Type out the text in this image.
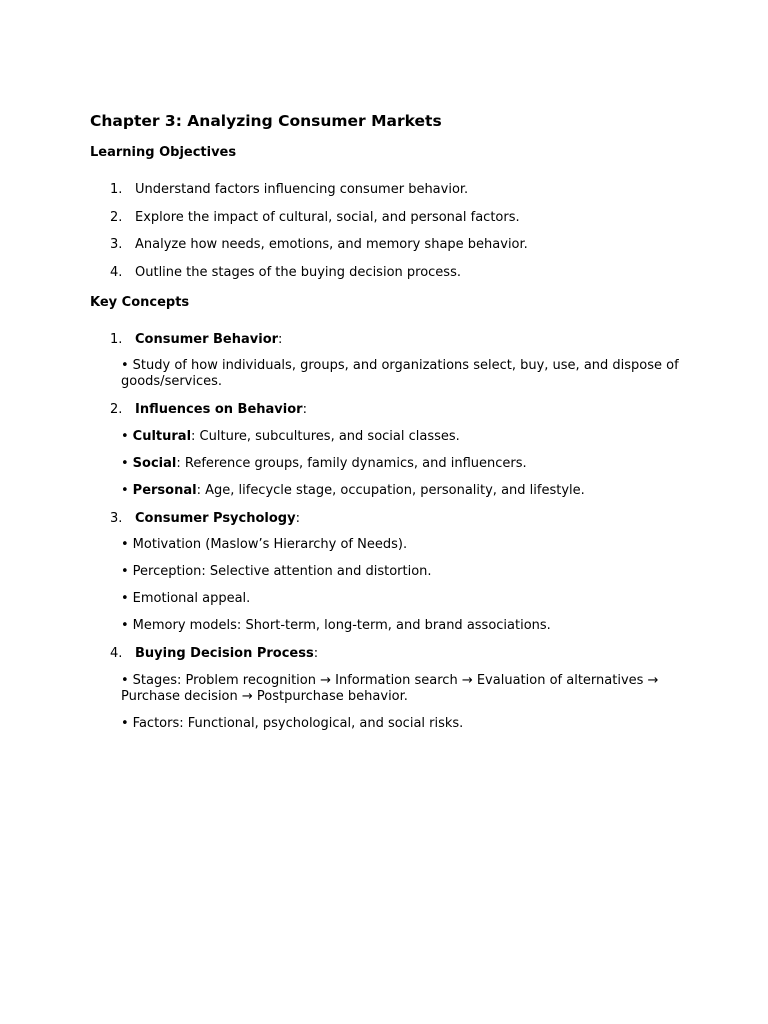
Chapter 3: Analyzing Consumer Markets
Learning Objectives
1. Understand factors influencing consumer behavior.
2. Explore the impact of cultural, social, and personal factors.
3. Analyze how needs, emotions, and memory shape behavior.
4. Outline the stages of the buying decision process.
Key Concepts
1. Consumer Behavior:
• Study of how individuals, groups, and organizations select, buy, use, and dispose of goods/services.
2. Influences on Behavior:
• Cultural: Culture, subcultures, and social classes.
• Social: Reference groups, family dynamics, and influencers.
• Personal: Age, lifecycle stage, occupation, personality, and lifestyle.
3. Consumer Psychology:
• Motivation (Maslow’s Hierarchy of Needs).
• Perception: Selective attention and distortion.
• Emotional appeal.
• Memory models: Short-term, long-term, and brand associations.
4. Buying Decision Process:
• Stages: Problem recognition → Information search → Evaluation of alternatives → Purchase decision → Postpurchase behavior.
• Factors: Functional, psychological, and social risks.
